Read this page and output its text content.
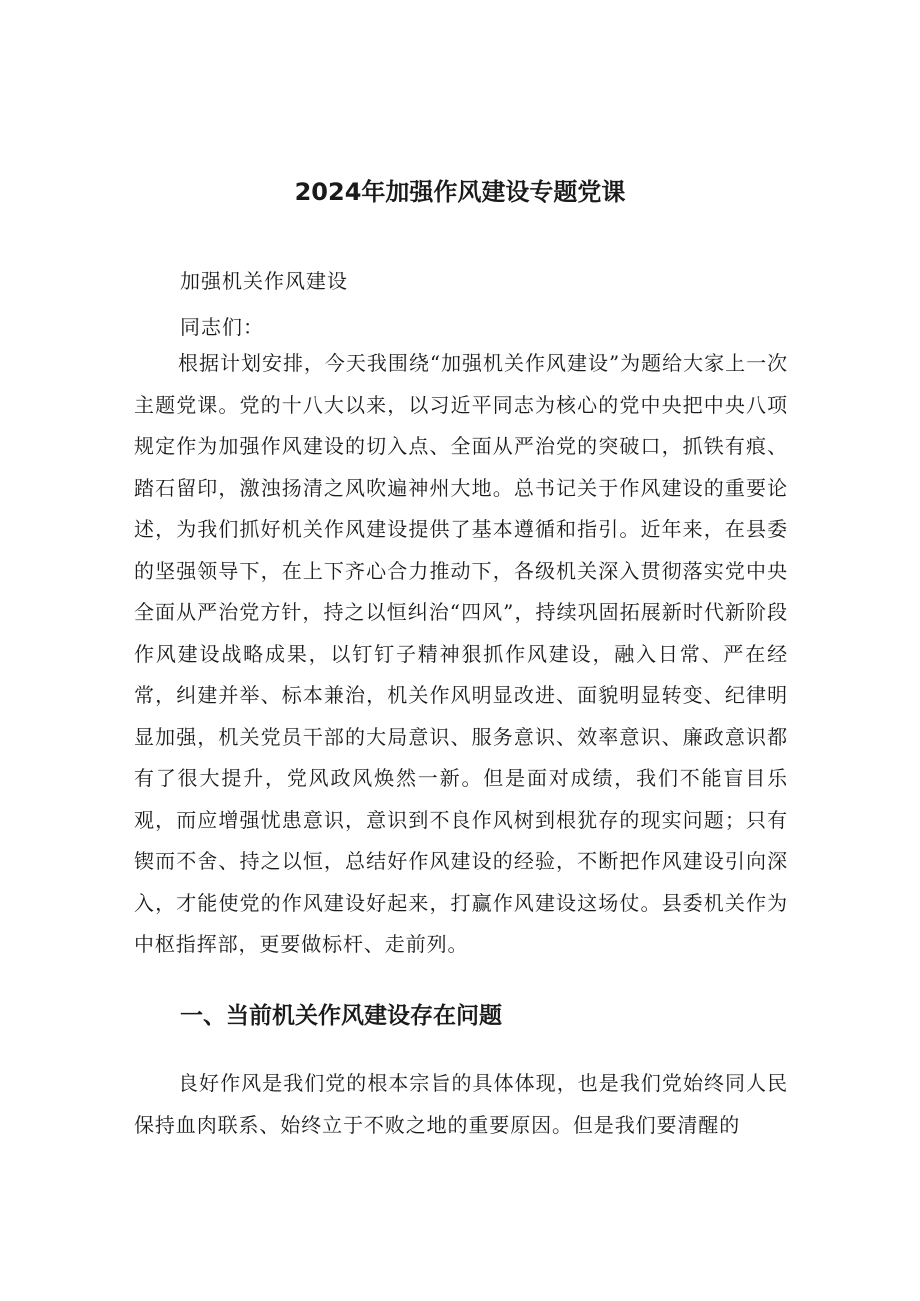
2024年加强作风建设专题党课

加强机关作风建设

同志们：

根据计划安排，今天我围绕“加强机关作风建设”为题给大家上一次主题党课。党的十八大以来，以习近平同志为核心的党中央把中央八项规定作为加强作风建设的切入点、全面从严治党的突破口，抓铁有痕、踏石留印，激浊扬清之风吹遍神州大地。总书记关于作风建设的重要论述，为我们抓好机关作风建设提供了基本遵循和指引。近年来，在县委的坚强领导下，在上下齐心合力推动下，各级机关深入贯彻落实党中央全面从严治党方针，持之以恒纠治“四风”，持续巩固拓展新时代新阶段作风建设战略成果，以钉钉子精神狠抓作风建设，融入日常、严在经常，纠建并举、标本兼治，机关作风明显改进、面貌明显转变、纪律明显加强，机关党员干部的大局意识、服务意识、效率意识、廉政意识都有了很大提升，党风政风焕然一新。但是面对成绩，我们不能盲目乐观，而应增强忧患意识，意识到不良作风树到根犹存的现实问题；只有锲而不舍、持之以恒，总结好作风建设的经验，不断把作风建设引向深入，才能使党的作风建设好起来，打赢作风建设这场仗。县委机关作为中枢指挥部，更要做标杆、走前列。

一、当前机关作风建设存在问题

良好作风是我们党的根本宗旨的具体体现，也是我们党始终同人民保持血肉联系、始终立于不败之地的重要原因。但是我们要清醒的
